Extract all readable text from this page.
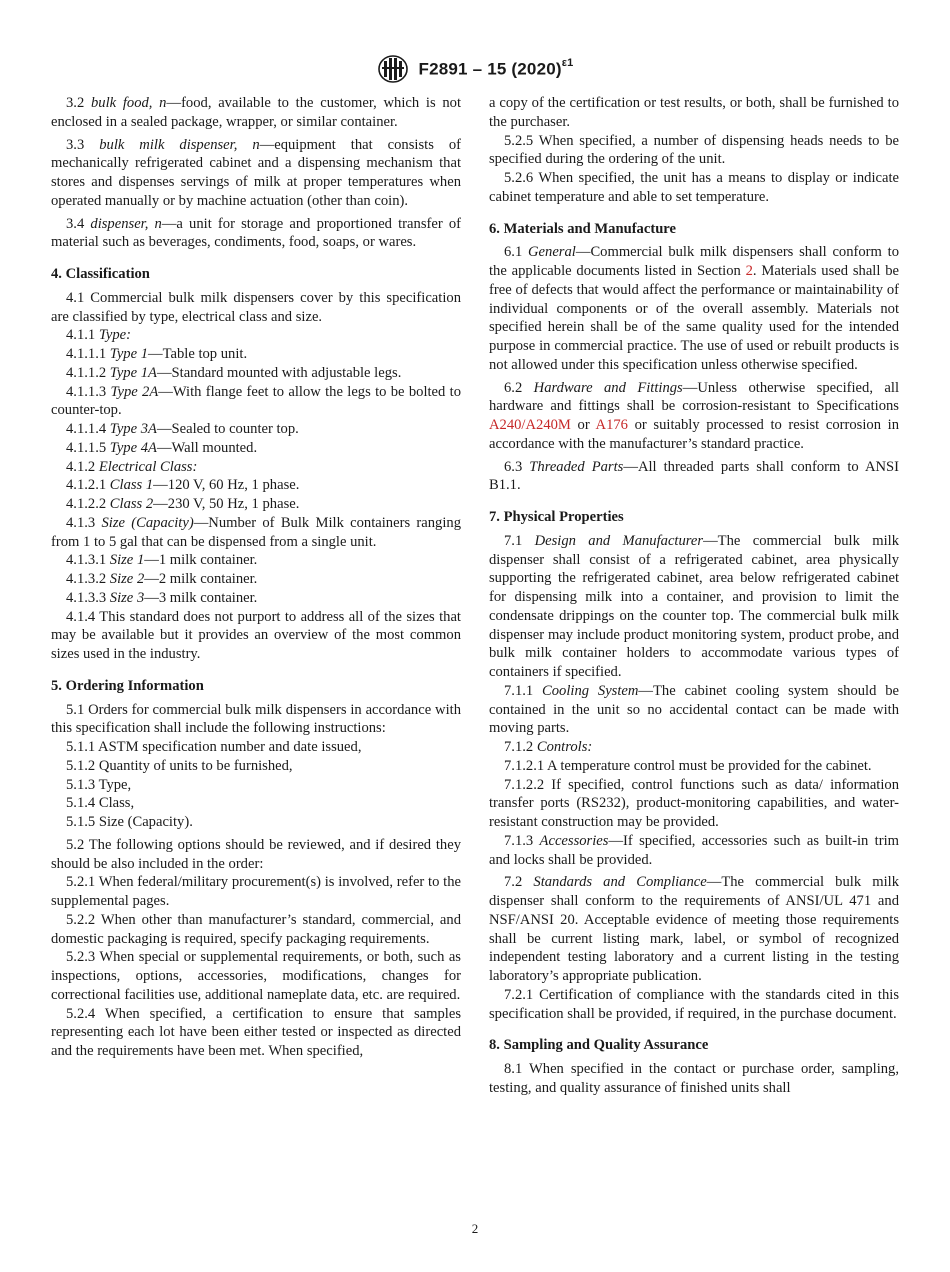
F2891 – 15 $(2020)^{\varepsilon 1}$

3.2 bulk food, n—food, available to the customer, which is not enclosed in a sealed package, wrapper, or similar container.

3.3 bulk milk dispenser, n—equipment that consists of mechanically refrigerated cabinet and a dispensing mechanism that stores and dispenses servings of milk at proper temperatures when operated manually or by machine actuation (other than coin).

3.4 dispenser, n—a unit for storage and proportioned transfer of material such as beverages, condiments, food, soaps, or wares.

4. Classification

4.1 Commercial bulk milk dispensers cover by this specification are classified by type, electrical class and size.

4.1.1 Type:

4.1.1.1 Type 1—Table top unit.

4.1.1.2 Type 1A—Standard mounted with adjustable legs.

4.1.1.3 Type 2A—With flange feet to allow the legs to be bolted to counter-top.

4.1.1.4 Type 3A—Sealed to counter top.

4.1.1.5 Type 4A—Wall mounted.

4.1.2 Electrical Class:

4.1.2.1 Class 1—120 V, 60 Hz, 1 phase.

4.1.2.2 Class 2—230 V, 50 Hz, 1 phase.

4.1.3 Size (Capacity)—Number of Bulk Milk containers ranging from 1 to 5 gal that can be dispensed from a single unit.

4.1.3.1 Size 1—1 milk container.

4.1.3.2 Size 2—2 milk container.

4.1.3.3 Size 3—3 milk container.

4.1.4 This standard does not purport to address all of the sizes that may be available but it provides an overview of the most common sizes used in the industry.

5. Ordering Information

5.1 Orders for commercial bulk milk dispensers in accordance with this specification shall include the following instructions:

5.1.1 ASTM specification number and date issued,

5.1.2 Quantity of units to be furnished,

5.1.3 Type,

5.1.4 Class,

5.1.5 Size (Capacity).

5.2 The following options should be reviewed, and if desired they should be also included in the order:

5.2.1 When federal/military procurement(s) is involved, refer to the supplemental pages.

5.2.2 When other than manufacturer’s standard, commercial, and domestic packaging is required, specify packaging requirements.

5.2.3 When special or supplemental requirements, or both, such as inspections, options, accessories, modifications, changes for correctional facilities use, additional nameplate data, etc. are required.

5.2.4 When specified, a certification to ensure that samples representing each lot have been either tested or inspected as directed and the requirements have been met. When specified,

a copy of the certification or test results, or both, shall be furnished to the purchaser.

5.2.5 When specified, a number of dispensing heads needs to be specified during the ordering of the unit.

5.2.6 When specified, the unit has a means to display or indicate cabinet temperature and able to set temperature.

6. Materials and Manufacture

6.1 General—Commercial bulk milk dispensers shall conform to the applicable documents listed in Section 2. Materials used shall be free of defects that would affect the performance or maintainability of individual components or of the overall assembly. Materials not specified herein shall be of the same quality used for the intended purpose in commercial practice. The use of used or rebuilt products is not allowed under this specification unless otherwise specified.

6.2 Hardware and Fittings—Unless otherwise specified, all hardware and fittings shall be corrosion-resistant to Specifications A240/A240M or A176 or suitably processed to resist corrosion in accordance with the manufacturer’s standard practice.

6.3 Threaded Parts—All threaded parts shall conform to ANSI B1.1.

7. Physical Properties

7.1 Design and Manufacturer—The commercial bulk milk dispenser shall consist of a refrigerated cabinet, area physically supporting the refrigerated cabinet, area below refrigerated cabinet for dispensing milk into a container, and provision to limit the condensate drippings on the counter top. The commercial bulk milk dispenser may include product monitoring system, product probe, and bulk milk container holders to accommodate various types of containers if specified.

7.1.1 Cooling System—The cabinet cooling system should be contained in the unit so no accidental contact can be made with moving parts.

7.1.2 Controls:

7.1.2.1 A temperature control must be provided for the cabinet.

7.1.2.2 If specified, control functions such as data/ information transfer ports (RS232), product-monitoring capabilities, and water-resistant construction may be provided.

7.1.3 Accessories—If specified, accessories such as built-in trim and locks shall be provided.

7.2 Standards and Compliance—The commercial bulk milk dispenser shall conform to the requirements of ANSI/UL 471 and NSF/ANSI 20. Acceptable evidence of meeting those requirements shall be current listing mark, label, or symbol of recognized independent testing laboratory and a current listing in the testing laboratory’s appropriate publication.

7.2.1 Certification of compliance with the standards cited in this specification shall be provided, if required, in the purchase document.

8. Sampling and Quality Assurance

8.1 When specified in the contact or purchase order, sampling, testing, and quality assurance of finished units shall

2
